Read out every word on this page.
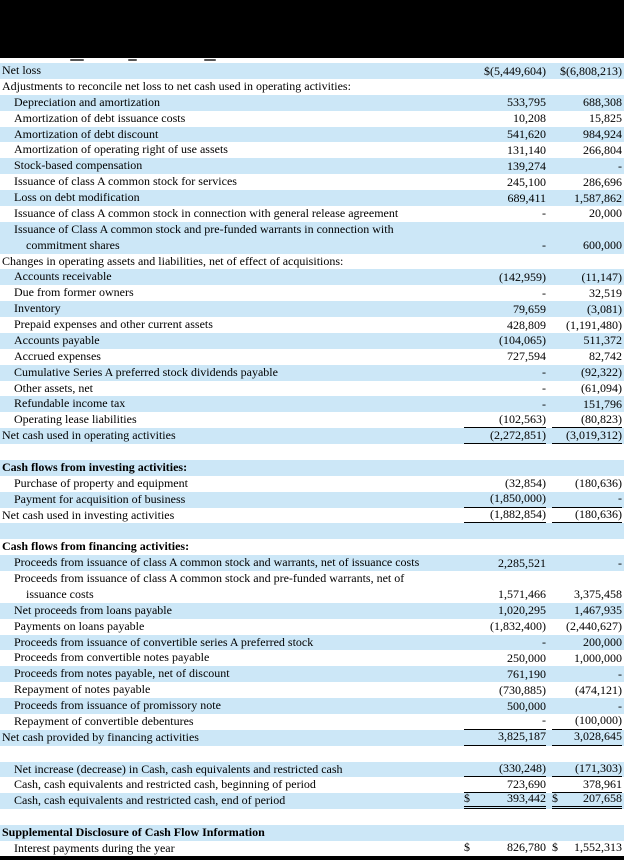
Net loss	$(5,449,604) $(6,808,213)
Adjustments to reconcile net loss to net cash used in operating activities:
Depreciation and amortization	533,795	688,308
Amortization of debt issuance costs	10,208	15,825
Amortization of debt discount	541,620	984,924
Amortization of operating right of use assets	131,140	266,804
Stock-based compensation	139,274	-
Issuance of class A common stock for services	245,100	286,696
Loss on debt modification	689,411 1,587,862
Issuance of class A common stock in connection with general release agreement	-	20,000
Issuance of Class A common stock and pre-funded warrants in connection with
commitment shares	-	600,000
Changes in operating assets and liabilities, net of effect of acquisitions:
Accounts receivable	(142,959)	(11,147)
Due from former owners	-	32,519
Inventory	79,659	(3,081)
Prepaid expenses and other current assets	428,809 (1,191,480)
Accounts payable	(104,065)	511,372
Accrued expenses	727,594	82,742
Cumulative Series A preferred stock dividends payable	-	(92,322)
Other assets, net	-	(61,094)
Refundable income tax	-	151,796
Operating lease liabilities	(102,563)	(80,823)
Net cash used in operating activities	(2,272,851) (3,019,312)
Cash flows from investing activities:
Purchase of property and equipment	(32,854) (180,636)
Payment for acquisition of business	(1,850,000)	-
Net cash used in investing activities	(1,882,854) (180,636)
Cash flows from financing activities:
Proceeds from issuance of class A common stock and warrants, net of issuance costs	2,285,521	-
Proceeds from issuance of class A common stock and pre-funded warrants, net of
issuance costs	1,571,466 3,375,458
Net proceeds from loans payable	1,020,295 1,467,935
Payments on loans payable	(1,832,400) (2,440,627)
Proceeds from issuance of convertible series A preferred stock	-	200,000
Proceeds from convertible notes payable	250,000 1,000,000
Proceeds from notes payable, net of discount	761,190	-
Repayment of notes payable	(730,885) (474,121)
Proceeds from issuance of promissory note	500,000	-
Repayment of convertible debentures	- (100,000)
Net cash provided by financing activities	3,825,187 3,028,645
Net increase (decrease) in Cash, cash equivalents and restricted cash	(330,248) (171,303)
Cash, cash equivalents and restricted cash, beginning of period	723,690	378,961
Cash, cash equivalents and restricted cash, end of period	$	393,442 $ 207,658
Supplemental Disclosure of Cash Flow Information
Interest payments during the year	$	826,780 $ 1,552,313
